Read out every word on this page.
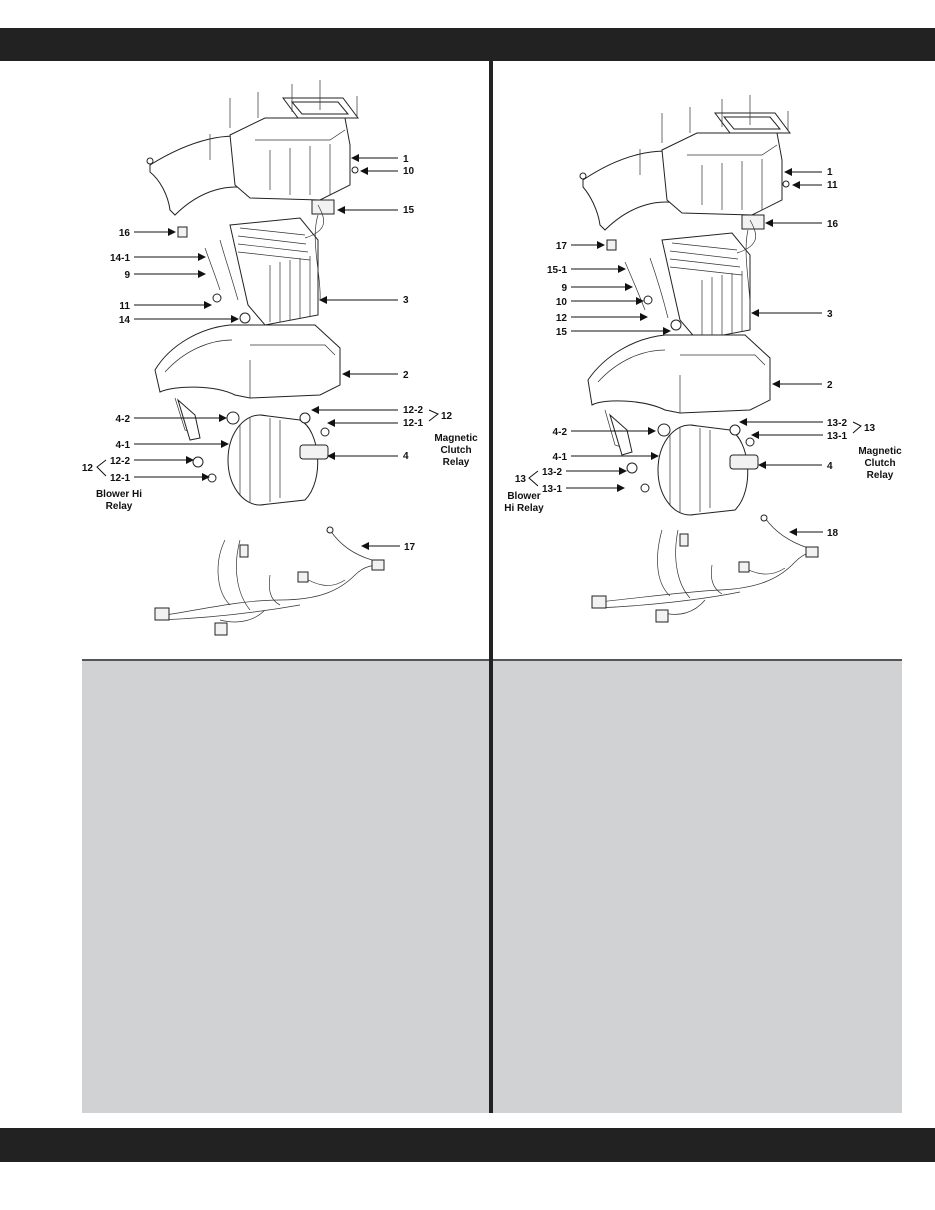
1
10
15
16
14-1
9
3
11
14
2
12-2
12
12-1
4-2
4-1
4
12-2
12
12-1
17
Magnetic
Clutch
Relay
Blower Hi
Relay
1
11
16
17
15-1
9
10
3
12
15
2
13-2 13
4-2	13-1
4-1
4
13-2
13
13-1
18
Magnetic
Clutch
Relay
Blower
Hi Relay
